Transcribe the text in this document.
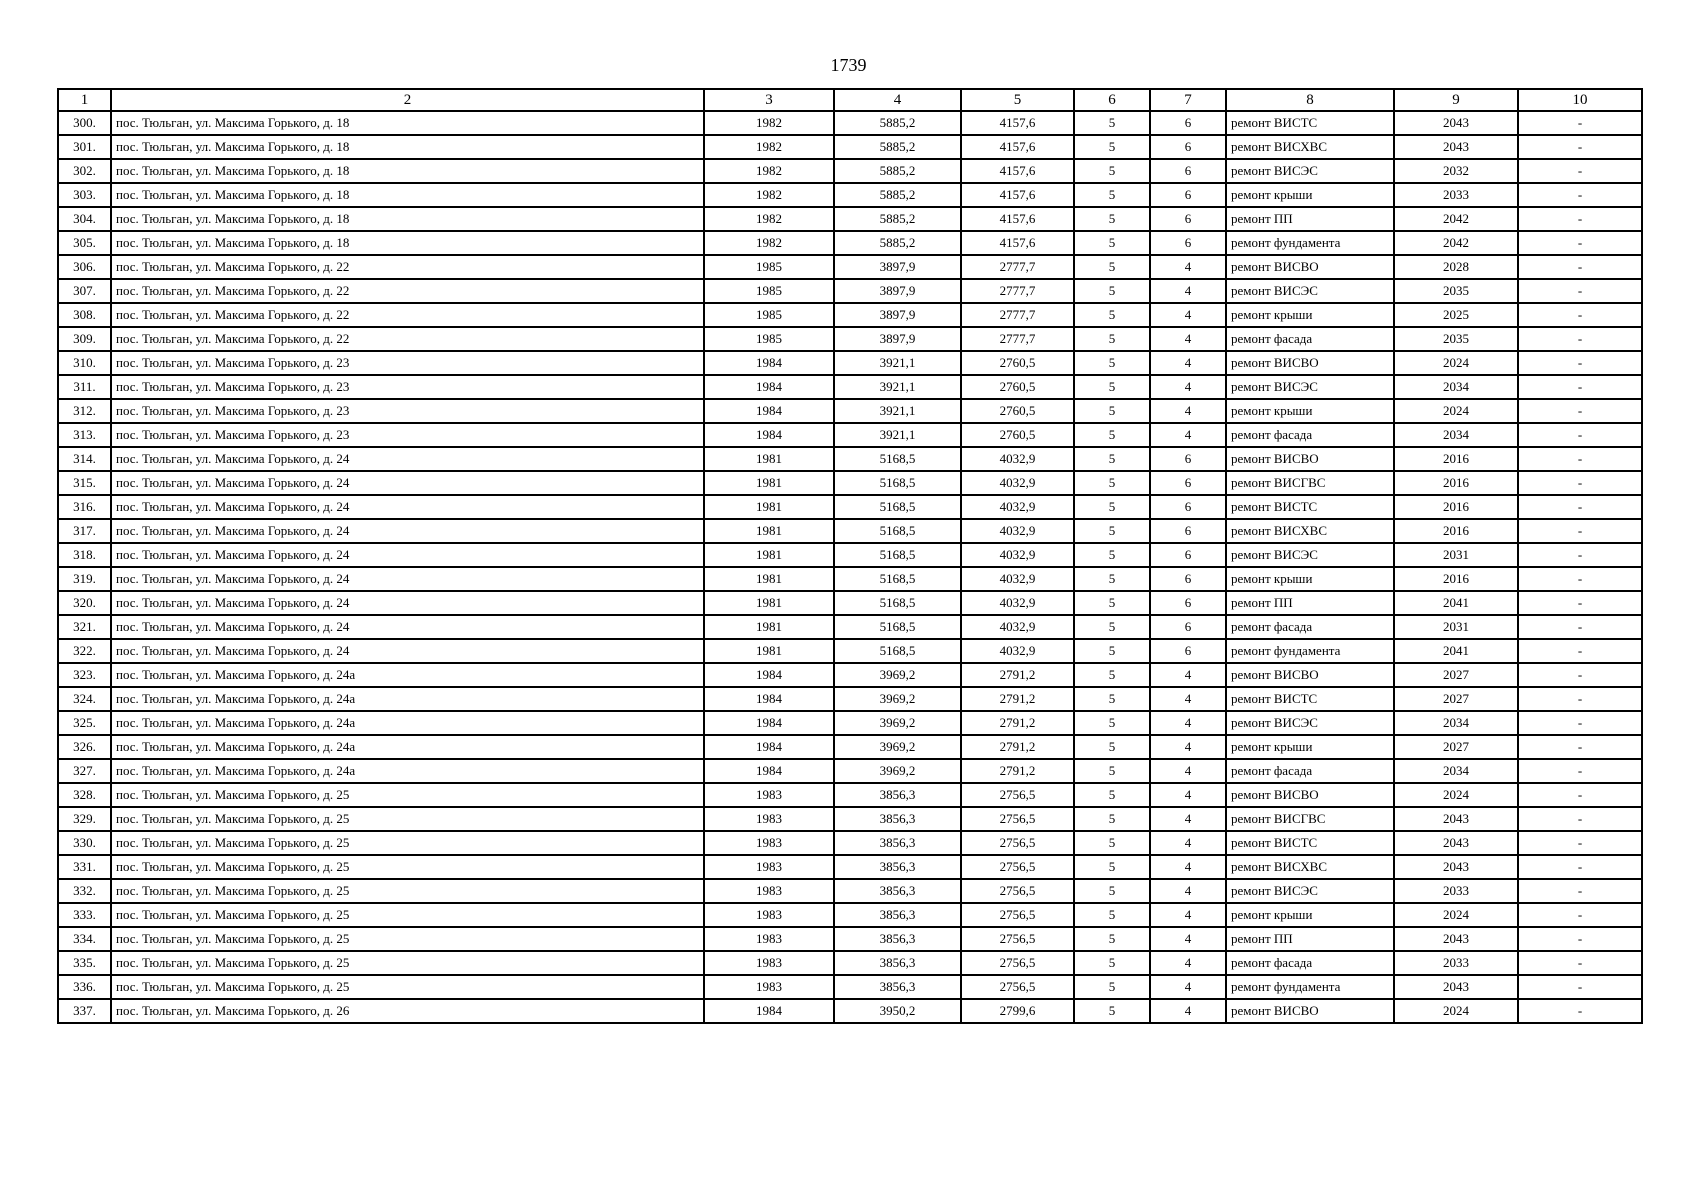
1739
1	2	3	4	5	6	7	8	9	10
300.	пос. Тюльган, ул. Максима Горького, д. 18	1982	5885,2	4157,6	5	6	ремонт ВИСТС	2043	-
301.	пос. Тюльган, ул. Максима Горького, д. 18	1982	5885,2	4157,6	5	6	ремонт ВИСХВС	2043	-
302.	пос. Тюльган, ул. Максима Горького, д. 18	1982	5885,2	4157,6	5	6	ремонт ВИСЭС	2032	-
303.	пос. Тюльган, ул. Максима Горького, д. 18	1982	5885,2	4157,6	5	6	ремонт крыши	2033	-
304.	пос. Тюльган, ул. Максима Горького, д. 18	1982	5885,2	4157,6	5	6	ремонт ПП	2042	-
305.	пос. Тюльган, ул. Максима Горького, д. 18	1982	5885,2	4157,6	5	6	ремонт фундамента	2042	-
306.	пос. Тюльган, ул. Максима Горького, д. 22	1985	3897,9	2777,7	5	4	ремонт ВИСВО	2028	-
307.	пос. Тюльган, ул. Максима Горького, д. 22	1985	3897,9	2777,7	5	4	ремонт ВИСЭС	2035	-
308.	пос. Тюльган, ул. Максима Горького, д. 22	1985	3897,9	2777,7	5	4	ремонт крыши	2025	-
309.	пос. Тюльган, ул. Максима Горького, д. 22	1985	3897,9	2777,7	5	4	ремонт фасада	2035	-
310.	пос. Тюльган, ул. Максима Горького, д. 23	1984	3921,1	2760,5	5	4	ремонт ВИСВО	2024	-
311.	пос. Тюльган, ул. Максима Горького, д. 23	1984	3921,1	2760,5	5	4	ремонт ВИСЭС	2034	-
312.	пос. Тюльган, ул. Максима Горького, д. 23	1984	3921,1	2760,5	5	4	ремонт крыши	2024	-
313.	пос. Тюльган, ул. Максима Горького, д. 23	1984	3921,1	2760,5	5	4	ремонт фасада	2034	-
314.	пос. Тюльган, ул. Максима Горького, д. 24	1981	5168,5	4032,9	5	6	ремонт ВИСВО	2016	-
315.	пос. Тюльган, ул. Максима Горького, д. 24	1981	5168,5	4032,9	5	6	ремонт ВИСГВС	2016	-
316.	пос. Тюльган, ул. Максима Горького, д. 24	1981	5168,5	4032,9	5	6	ремонт ВИСТС	2016	-
317.	пос. Тюльган, ул. Максима Горького, д. 24	1981	5168,5	4032,9	5	6	ремонт ВИСХВС	2016	-
318.	пос. Тюльган, ул. Максима Горького, д. 24	1981	5168,5	4032,9	5	6	ремонт ВИСЭС	2031	-
319.	пос. Тюльган, ул. Максима Горького, д. 24	1981	5168,5	4032,9	5	6	ремонт крыши	2016	-
320.	пос. Тюльган, ул. Максима Горького, д. 24	1981	5168,5	4032,9	5	6	ремонт ПП	2041	-
321.	пос. Тюльган, ул. Максима Горького, д. 24	1981	5168,5	4032,9	5	6	ремонт фасада	2031	-
322.	пос. Тюльган, ул. Максима Горького, д. 24	1981	5168,5	4032,9	5	6	ремонт фундамента	2041	-
323.	пос. Тюльган, ул. Максима Горького, д. 24а	1984	3969,2	2791,2	5	4	ремонт ВИСВО	2027	-
324.	пос. Тюльган, ул. Максима Горького, д. 24а	1984	3969,2	2791,2	5	4	ремонт ВИСТС	2027	-
325.	пос. Тюльган, ул. Максима Горького, д. 24а	1984	3969,2	2791,2	5	4	ремонт ВИСЭС	2034	-
326.	пос. Тюльган, ул. Максима Горького, д. 24а	1984	3969,2	2791,2	5	4	ремонт крыши	2027	-
327.	пос. Тюльган, ул. Максима Горького, д. 24а	1984	3969,2	2791,2	5	4	ремонт фасада	2034	-
328.	пос. Тюльган, ул. Максима Горького, д. 25	1983	3856,3	2756,5	5	4	ремонт ВИСВО	2024	-
329.	пос. Тюльган, ул. Максима Горького, д. 25	1983	3856,3	2756,5	5	4	ремонт ВИСГВС	2043	-
330.	пос. Тюльган, ул. Максима Горького, д. 25	1983	3856,3	2756,5	5	4	ремонт ВИСТС	2043	-
331.	пос. Тюльган, ул. Максима Горького, д. 25	1983	3856,3	2756,5	5	4	ремонт ВИСХВС	2043	-
332.	пос. Тюльган, ул. Максима Горького, д. 25	1983	3856,3	2756,5	5	4	ремонт ВИСЭС	2033	-
333.	пос. Тюльган, ул. Максима Горького, д. 25	1983	3856,3	2756,5	5	4	ремонт крыши	2024	-
334.	пос. Тюльган, ул. Максима Горького, д. 25	1983	3856,3	2756,5	5	4	ремонт ПП	2043	-
335.	пос. Тюльган, ул. Максима Горького, д. 25	1983	3856,3	2756,5	5	4	ремонт фасада	2033	-
336.	пос. Тюльган, ул. Максима Горького, д. 25	1983	3856,3	2756,5	5	4	ремонт фундамента	2043	-
337.	пос. Тюльган, ул. Максима Горького, д. 26	1984	3950,2	2799,6	5	4	ремонт ВИСВО	2024	-
